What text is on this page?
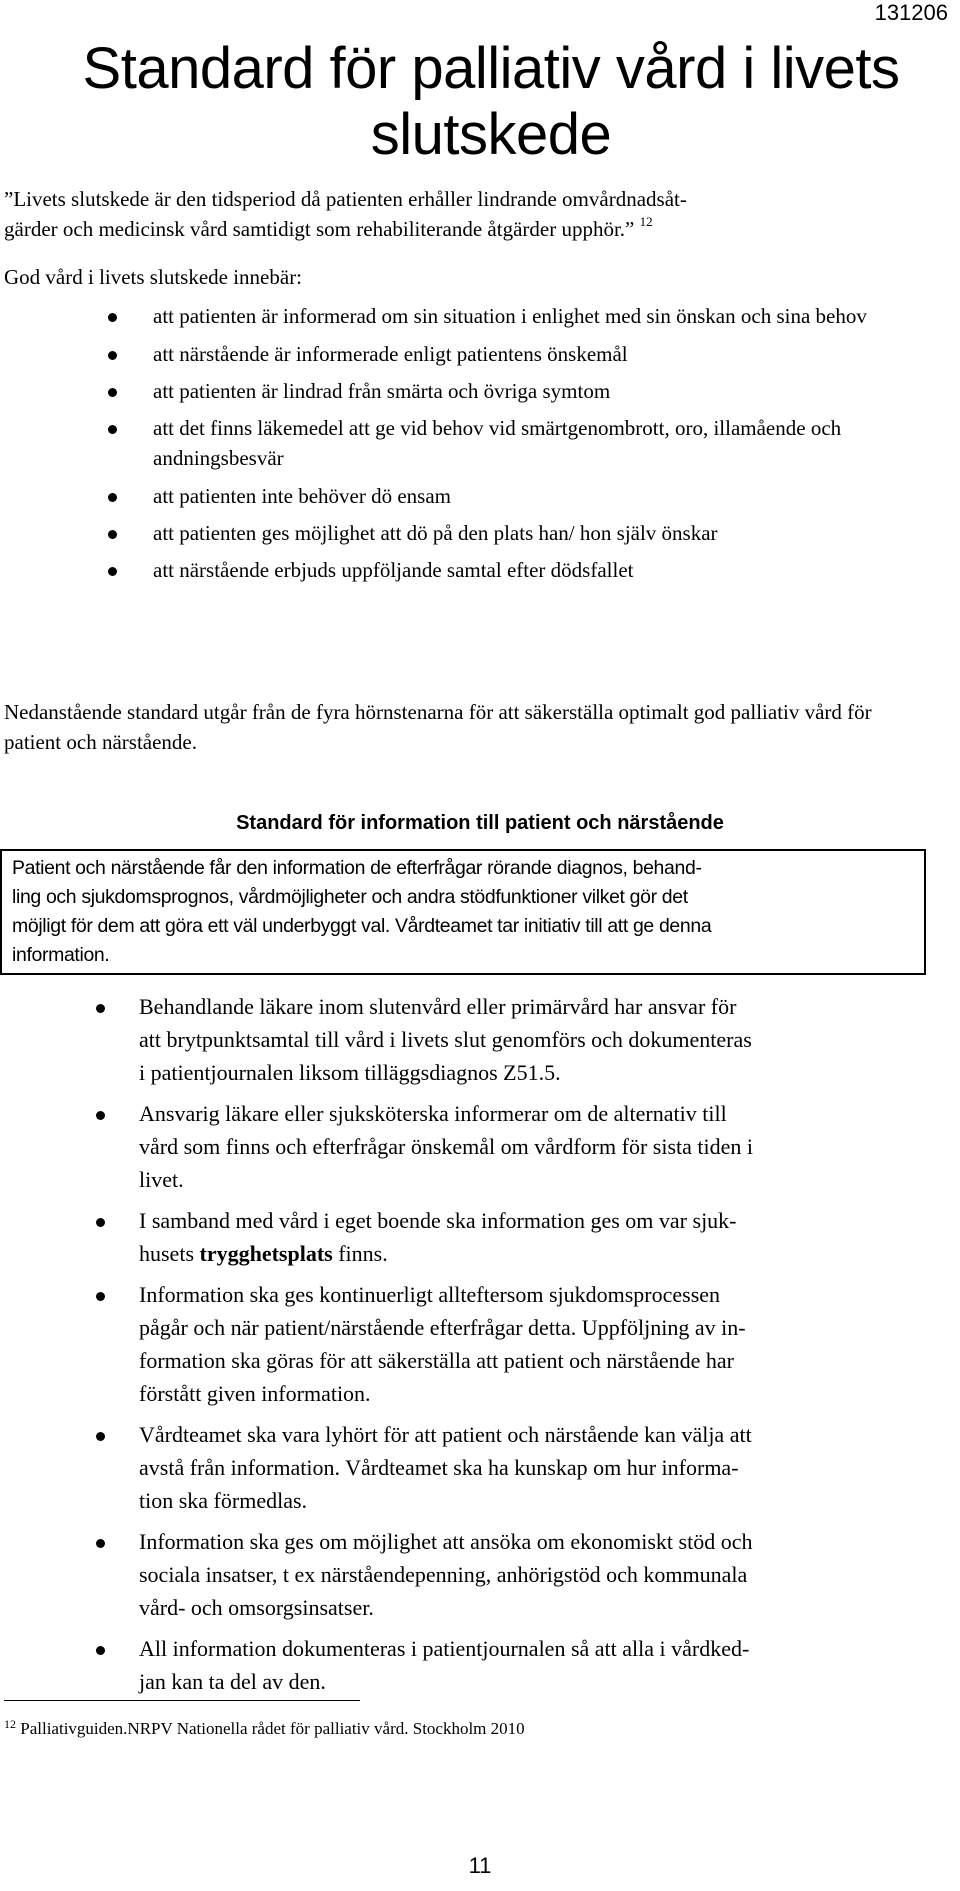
131206
Standard för palliativ vård i livets slutskede
”Livets slutskede är den tidsperiod då patienten erhåller lindrande omvårdnadsåt-
gärder och medicinsk vård samtidigt som rehabiliterande åtgärder upphör.” $^{12}$
God vård i livets slutskede innebär:
att patienten är informerad om sin situation i enlighet med sin önskan och sina behov
att närstående är informerade enligt patientens önskemål
att patienten är lindrad från smärta och övriga symtom
att det finns läkemedel att ge vid behov vid smärtgenombrott, oro, illamående och andningsbesvär
att patienten inte behöver dö ensam
att patienten ges möjlighet att dö på den plats han/ hon själv önskar
att närstående erbjuds uppföljande samtal efter dödsfallet
Nedanstående standard utgår från de fyra hörnstenarna för att säkerställa optimalt god palliativ vård för patient och närstående.
Standard för information till patient och närstående
Patient och närstående får den information de efterfrågar rörande diagnos, behand-
ling och sjukdomsprognos, vårdmöjligheter och andra stödfunktioner vilket gör det
möjligt för dem att göra ett väl underbyggt val. Vårdteamet tar initiativ till att ge denna
information.
Behandlande läkare inom slutenvård eller primärvård har ansvar för
att brytpunktsamtal till vård i livets slut genomförs och dokumenteras
i patientjournalen liksom tilläggsdiagnos Z51.5.
Ansvarig läkare eller sjuksköterska informerar om de alternativ till
vård som finns och efterfrågar önskemål om vårdform för sista tiden i
livet.
I samband med vård i eget boende ska information ges om var sjuk-
husets trygghetsplats finns.
Information ska ges kontinuerligt allteftersom sjukdomsprocessen
pågår och när patient/närstående efterfrågar detta. Uppföljning av in-
formation ska göras för att säkerställa att patient och närstående har
förstått given information.
Vårdteamet ska vara lyhört för att patient och närstående kan välja att
avstå från information. Vårdteamet ska ha kunskap om hur informa-
tion ska förmedlas.
Information ska ges om möjlighet att ansöka om ekonomiskt stöd och
sociala insatser, t ex närståendepenning, anhörigstöd och kommunala
vård- och omsorgsinsatser.
All information dokumenteras i patientjournalen så att alla i vårdked-
jan kan ta del av den.
$^{12}$ Palliativguiden.NRPV Nationella rådet för palliativ vård. Stockholm 2010
11
